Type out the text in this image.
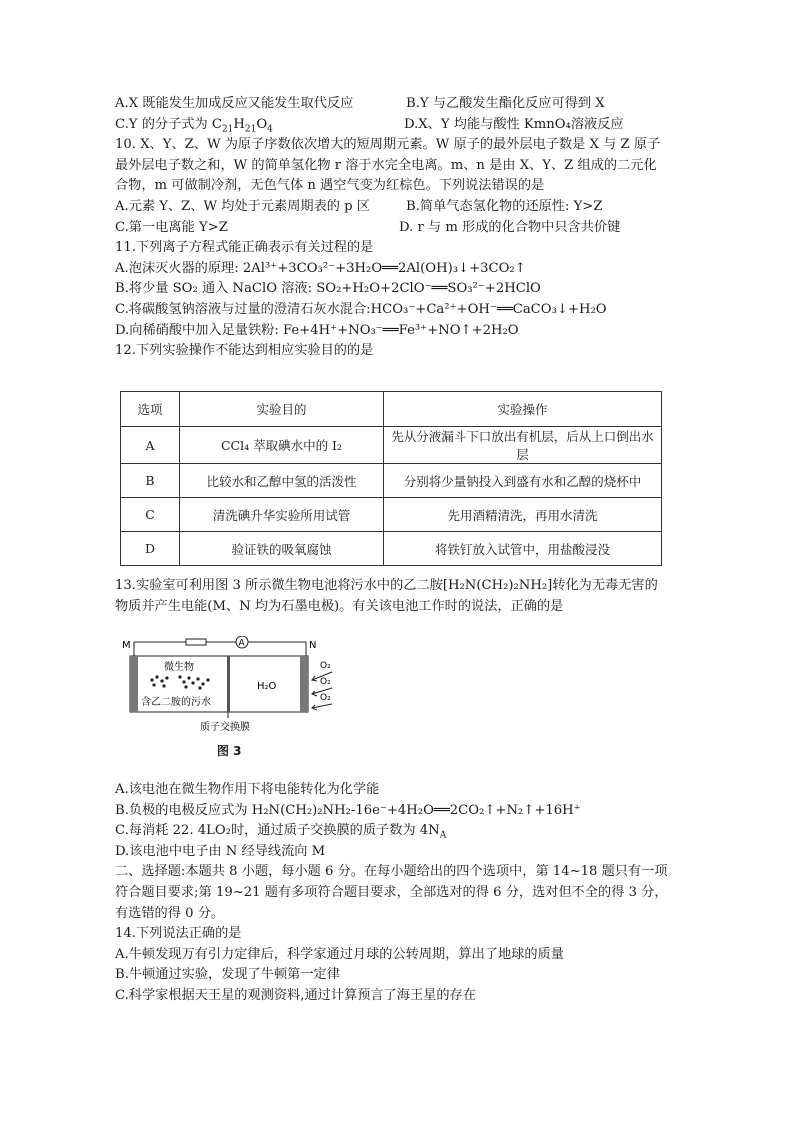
A.X 既能发生加成反应又能发生取代反应	B.Y 与乙酸发生酯化反应可得到 X
C.Y 的分子式为 $C_{21}H_{21}O_4$	D.X、Y 均能与酸性 KmnO₄溶液反应

10. X、Y、Z、W 为原子序数依次增大的短周期元素。W 原子的最外层电子数是 X 与 Z 原子

最外层电子数之和，W 的简单氢化物 r 溶于水完全电离。m、n 是由 X、Y、Z 组成的二元化

合物，m 可做制冷剂，无色气体 n 遇空气变为红棕色。下列说法错误的是

A.元素 Y、Z、W 均处于元素周期表的 p 区	B.简单气态氢化物的还原性: Y>Z
C.第一电离能 Y>Z	D. r 与 m 形成的化合物中只含共价键

11.下列离子方程式能正确表示有关过程的是

A.泡沫灭火器的原理: 2Al³⁺+3CO₃²⁻+3H₂O══2Al(OH)₃↓+3CO₂↑

B.将少量 SO₂ 通入 NaClO 溶液: SO₂+H₂O+2ClO⁻══SO₃²⁻+2HClO

C.将碳酸氢钠溶液与过量的澄清石灰水混合:HCO₃⁻+Ca²⁺+OH⁻══CaCO₃↓+H₂O

D.向稀硝酸中加入足量铁粉: Fe+4H⁺+NO₃⁻══Fe³⁺+NO↑+2H₂O

12.下列实验操作不能达到相应实验目的的是

选项	实验目的	实验操作
A	CCl₄ 萃取碘水中的 I₂	先从分液漏斗下口放出有机层，后从上口倒出水层
B	比较水和乙醇中氢的活泼性	分别将少量钠投入到盛有水和乙醇的烧杯中
C	清洗碘升华实验所用试管	先用酒精清洗，再用水清洗
D	验证铁的吸氧腐蚀	将铁钉放入试管中，用盐酸浸没

13.实验室可利用图 3 所示微生物电池将污水中的乙二胺[H₂N(CH₂)₂NH₂]转化为无毒无害的

物质并产生电能(M、N 均为石墨电极)。有关该电池工作时的说法，正确的是

M	N
A
微生物
含乙二胺的污水
H₂O
O₂
O₂
O₂
质子交换膜
图 3

A.该电池在微生物作用下将电能转化为化学能

B.负极的电极反应式为 H₂N(CH₂)₂NH₂-16e⁻+4H₂O══2CO₂↑+N₂↑+16H⁺

C.每消耗 22. 4LO₂时，通过质子交换膜的质子数为 $4N_A$

D.该电池中电子由 N 经导线流向 M

二、选择题:本题共 8 小题，每小题 6 分。在每小题给出的四个选项中，第 14~18 题只有一项

符合题目要求;第 19~21 题有多项符合题目要求，全部选对的得 6 分，选对但不全的得 3 分，

有选错的得 0 分。

14.下列说法正确的是

A.牛顿发现万有引力定律后，科学家通过月球的公转周期，算出了地球的质量

B.牛顿通过实验，发现了牛顿第一定律

C.科学家根据天王星的观测资料,通过计算预言了海王星的存在
